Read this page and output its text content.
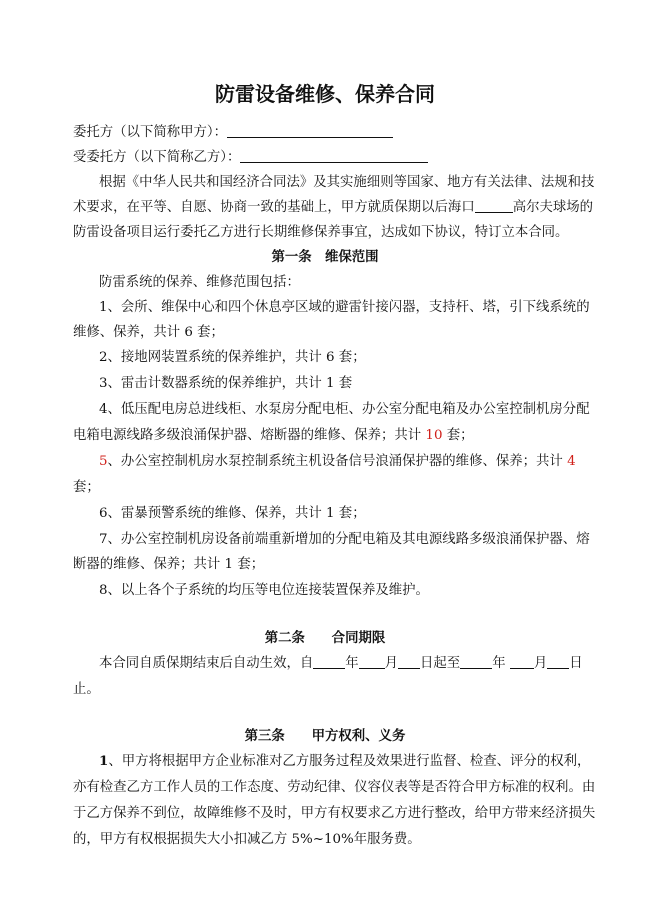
防雷设备维修、保养合同
委托方（以下简称甲方）：
受委托方（以下简称乙方）：
根据《中华人民共和国经济合同法》及其实施细则等国家、地方有关法律、法规和技
术要求，在平等、自愿、协商一致的基础上，甲方就质保期以后海口	高尔夫球场的
防雷设备项目运行委托乙方进行长期维修保养事宜，达成如下协议，特订立本合同。
第一条　维保范围
防雷系统的保养、维修范围包括：
1、会所、维保中心和四个休息亭区域的避雷针接闪器，支持杆、塔，引下线系统的
维修、保养，共计 6 套；
2、接地网装置系统的保养维护，共计 6 套；
3、雷击计数器系统的保养维护，共计 1 套
4、低压配电房总进线柜、水泵房分配电柜、办公室分配电箱及办公室控制机房分配
电箱电源线路多级浪涌保护器、熔断器的维修、保养；共计 10 套；
5、办公室控制机房水泵控制系统主机设备信号浪涌保护器的维修、保养；共计 4
套；
6、雷暴预警系统的维修、保养，共计 1 套；
7、办公室控制机房设备前端重新增加的分配电箱及其电源线路多级浪涌保护器、熔
断器的维修、保养；共计 1 套；
8、以上各个子系统的均压等电位连接装置保养及维护。
第二条　　合同期限
本合同自质保期结束后自动生效，自 年 月 日起至 年 月 日
止。
第三条　　甲方权利、义务
1、甲方将根据甲方企业标准对乙方服务过程及效果进行监督、检查、评分的权利，
亦有检查乙方工作人员的工作态度、劳动纪律、仪容仪表等是否符合甲方标准的权利。由
于乙方保养不到位，故障维修不及时，甲方有权要求乙方进行整改，给甲方带来经济损失
的，甲方有权根据损失大小扣减乙方 5%~10%年服务费。
